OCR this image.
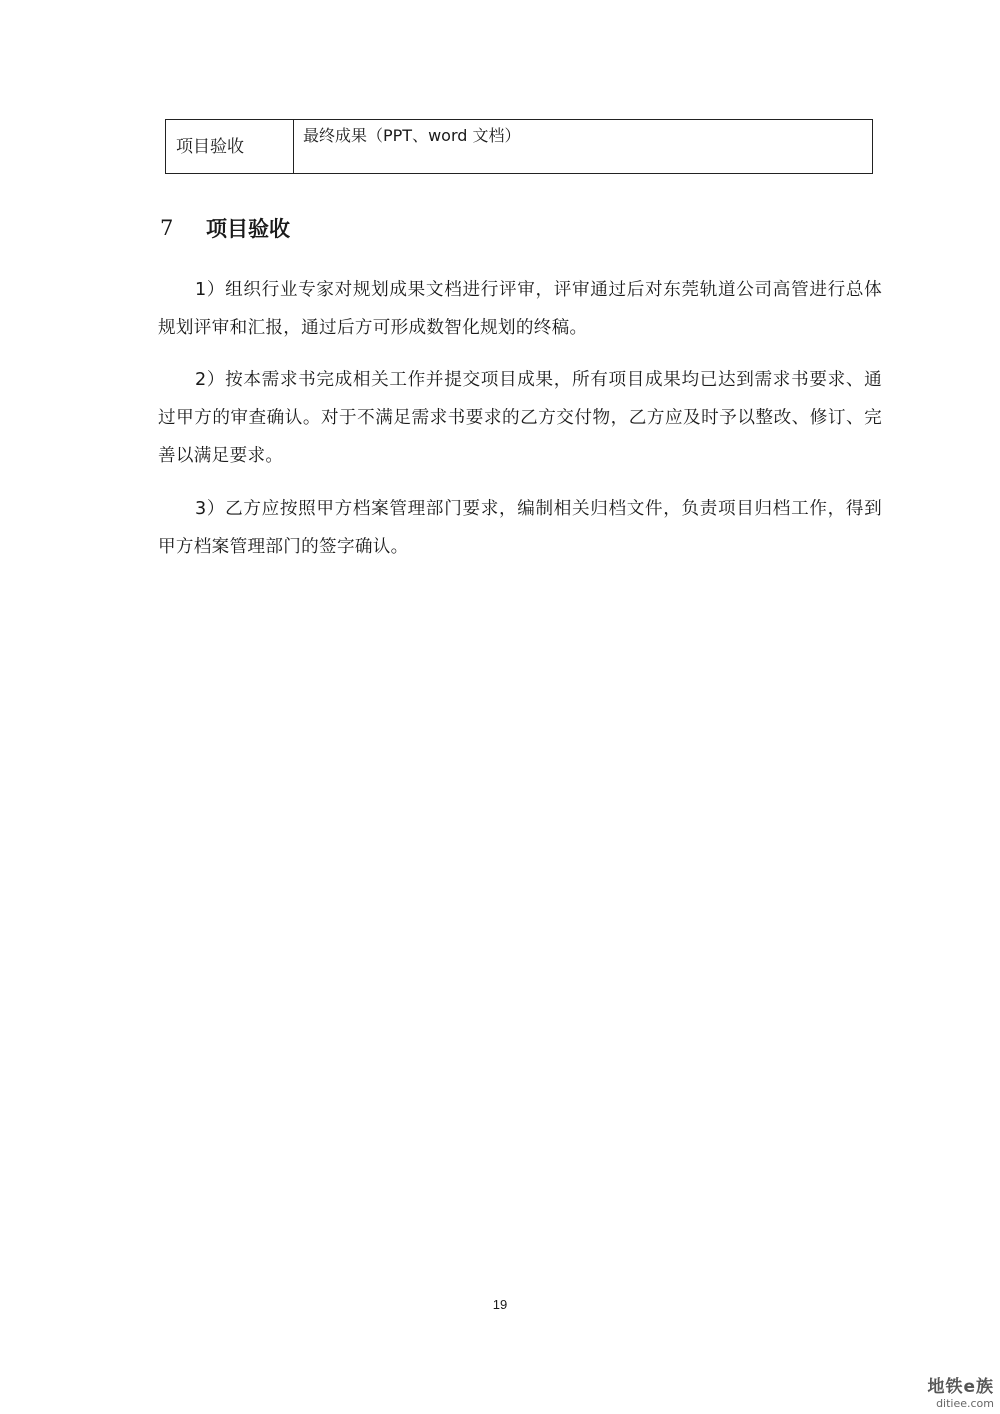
项目验收
最终成果（PPT、word 文档）
7	项目验收
1）组织行业专家对规划成果文档进行评审，评审通过后对东莞轨道公司高管进行总体规划评审和汇报，通过后方可形成数智化规划的终稿。
2）按本需求书完成相关工作并提交项目成果，所有项目成果均已达到需求书要求、通过甲方的审查确认。对于不满足需求书要求的乙方交付物，乙方应及时予以整改、修订、完善以满足要求。
3）乙方应按照甲方档案管理部门要求，编制相关归档文件，负责项目归档工作，得到甲方档案管理部门的签字确认。
19
地铁e族
ditiee.com
